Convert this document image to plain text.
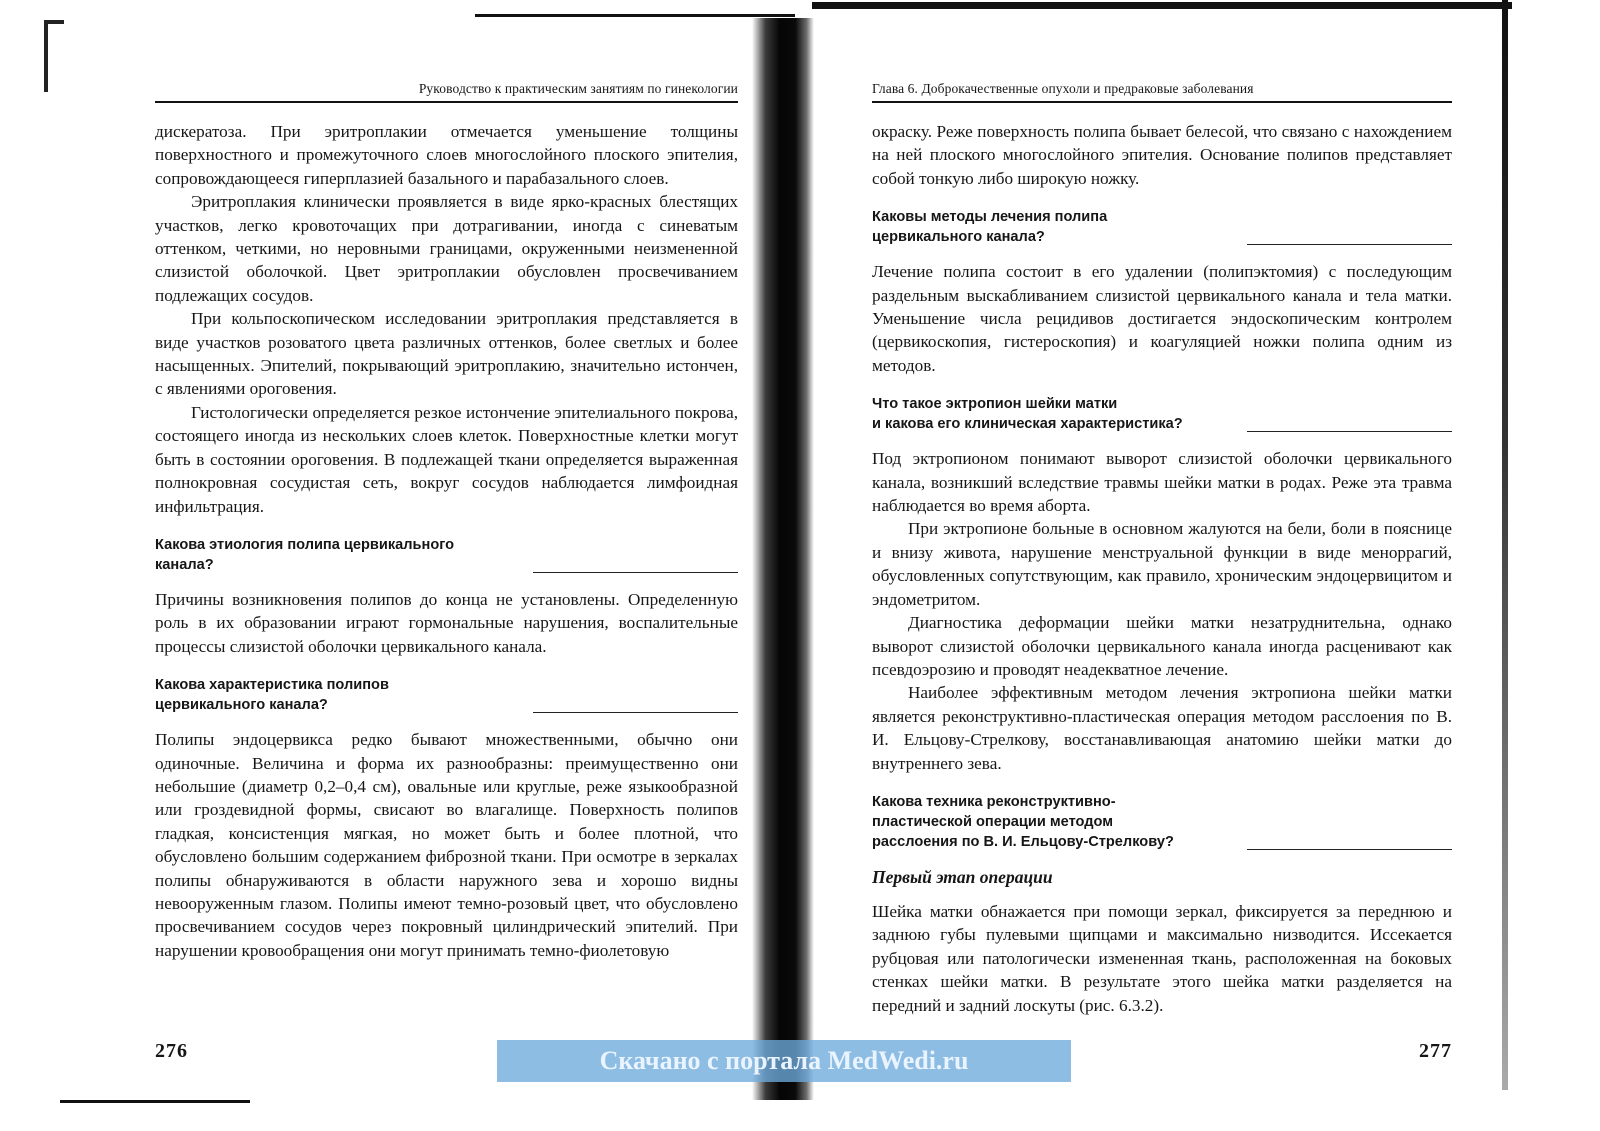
Руководство к практическим занятиям по гинекологии

дискератоза. При эритроплакии отмечается уменьшение толщины поверхностного и промежуточного слоев многослойного плоского эпителия, сопровождающееся гиперплазией базального и парабазального слоев.

Эритроплакия клинически проявляется в виде ярко-красных блестящих участков, легко кровоточащих при дотрагивании, иногда с синеватым оттенком, четкими, но неровными границами, окруженными неизмененной слизистой оболочкой. Цвет эритроплакии обусловлен просвечиванием подлежащих сосудов.

При кольпоскопическом исследовании эритроплакия представляется в виде участков розоватого цвета различных оттенков, более светлых и более насыщенных. Эпителий, покрывающий эритроплакию, значительно истончен, с явлениями ороговения.

Гистологически определяется резкое истончение эпителиального покрова, состоящего иногда из нескольких слоев клеток. Поверхностные клетки могут быть в состоянии ороговения. В подлежащей ткани определяется выраженная полнокровная сосудистая сеть, вокруг сосудов наблюдается лимфоидная инфильтрация.

Какова этиология полипа цервикального
канала?

Причины возникновения полипов до конца не установлены. Определенную роль в их образовании играют гормональные нарушения, воспалительные процессы слизистой оболочки цервикального канала.

Какова характеристика полипов
цервикального канала?

Полипы эндоцервикса редко бывают множественными, обычно они одиночные. Величина и форма их разнообразны: преимущественно они небольшие (диаметр 0,2–0,4 см), овальные или круглые, реже языкообразной или гроздевидной формы, свисают во влагалище. Поверхность полипов гладкая, консистенция мягкая, но может быть и более плотной, что обусловлено большим содержанием фиброзной ткани. При осмотре в зеркалах полипы обнаруживаются в области наружного зева и хорошо видны невооруженным глазом. Полипы имеют темно-розовый цвет, что обусловлено просвечиванием сосудов через покровный цилиндрический эпителий. При нарушении кровообращения они могут принимать темно-фиолетовую

276
Глава 6. Доброкачественные опухоли и предраковые заболевания

окраску. Реже поверхность полипа бывает белесой, что связано с нахождением на ней плоского многослойного эпителия. Основание полипов представляет собой тонкую либо широкую ножку.

Каковы методы лечения полипа
цервикального канала?

Лечение полипа состоит в его удалении (полипэктомия) с последующим раздельным выскабливанием слизистой цервикального канала и тела матки. Уменьшение числа рецидивов достигается эндоскопическим контролем (цервикоскопия, гистероскопия) и коагуляцией ножки полипа одним из методов.

Что такое эктропион шейки матки
и какова его клиническая характеристика?

Под эктропионом понимают выворот слизистой оболочки цервикального канала, возникший вследствие травмы шейки матки в родах. Реже эта травма наблюдается во время аборта.

При эктропионе больные в основном жалуются на бели, боли в пояснице и внизу живота, нарушение менструальной функции в виде меноррагий, обусловленных сопутствующим, как правило, хроническим эндоцервицитом и эндометритом.

Диагностика деформации шейки матки незатруднительна, однако выворот слизистой оболочки цервикального канала иногда расценивают как псевдоэрозию и проводят неадекватное лечение.

Наиболее эффективным методом лечения эктропиона шейки матки является реконструктивно-пластическая операция методом расслоения по В. И. Ельцову-Стрелкову, восстанавливающая анатомию шейки матки до внутреннего зева.

Какова техника реконструктивно-
пластической операции методом
расслоения по В. И. Ельцову-Стрелкову?
Первый этап операции

Шейка матки обнажается при помощи зеркал, фиксируется за переднюю и заднюю губы пулевыми щипцами и максимально низводится. Иссекается рубцовая или патологически измененная ткань, расположенная на боковых стенках шейки матки. В результате этого шейка матки разделяется на передний и задний лоскуты (рис. 6.3.2).

277
Скачано с портала MedWedi.ru
